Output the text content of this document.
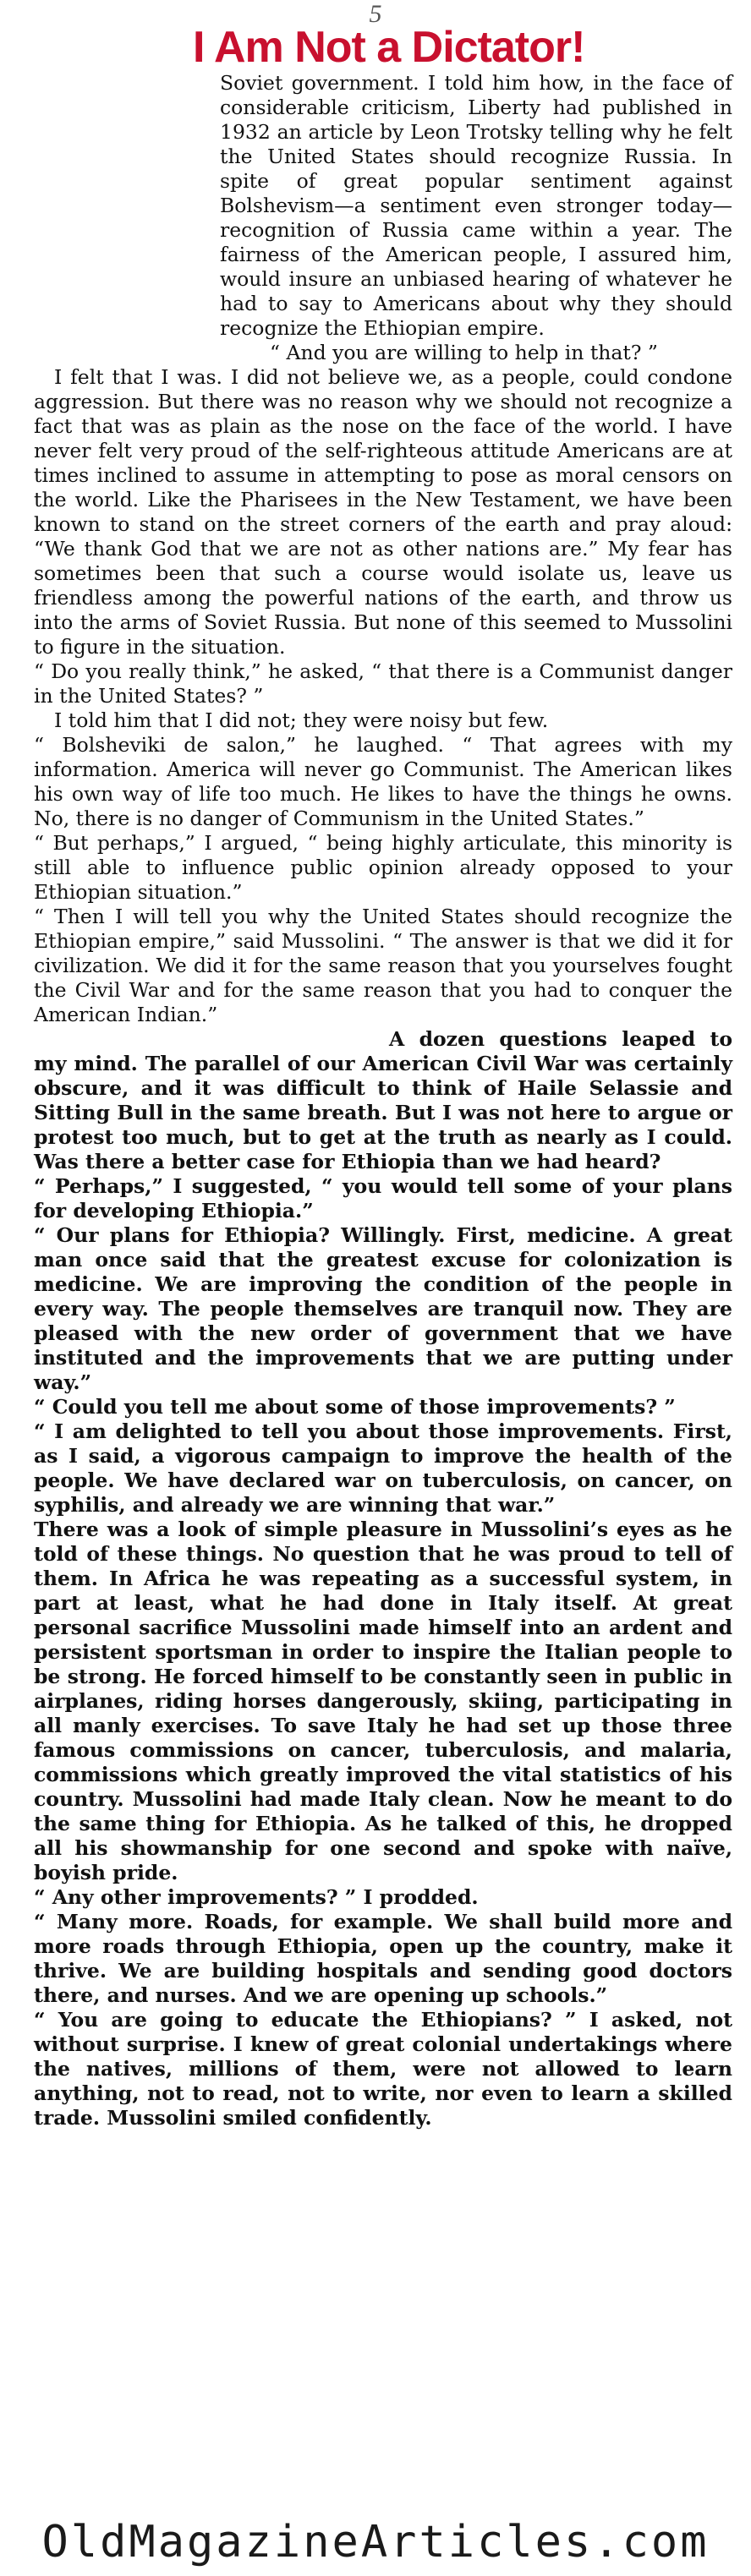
5
I Am Not a Dictator!

Soviet government. I told him how, in the face of considerable criticism, Liberty had published in 1932 an article by Leon Trotsky telling why he felt the United States should recognize Russia. In spite of great popular sentiment against Bolshevism—a sentiment even stronger today—recognition of Russia came within a year. The fairness of the American people, I assured him, would insure an unbiased hearing of whatever he had to say to Americans about why they should recognize the Ethiopian empire.

“ And you are willing to help in that? ”

I felt that I was. I did not believe we, as a people, could condone aggression. But there was no reason why we should not recognize a fact that was as plain as the nose on the face of the world. I have never felt very proud of the self-righteous attitude Americans are at times inclined to assume in attempting to pose as moral censors on the world. Like the Pharisees in the New Testament, we have been known to stand on the street corners of the earth and pray aloud: “We thank God that we are not as other nations are.” My fear has sometimes been that such a course would isolate us, leave us friendless among the powerful nations of the earth, and throw us into the arms of Soviet Russia. But none of this seemed to Mussolini to figure in the situation.

“ Do you really think,” he asked, “ that there is a Communist danger in the United States? ”

I told him that I did not; they were noisy but few.

“ Bolsheviki de salon,” he laughed. “ That agrees with my information. America will never go Communist. The American likes his own way of life too much. He likes to have the things he owns. No, there is no danger of Communism in the United States.”

“ But perhaps,” I argued, “ being highly articulate, this minority is still able to influence public opinion already opposed to your Ethiopian situation.”

“ Then I will tell you why the United States should recognize the Ethiopian empire,” said Mussolini. “ The answer is that we did it for civilization. We did it for the same reason that you yourselves fought the Civil War and for the same reason that you had to conquer the American Indian.”

A dozen questions leaped to my mind. The parallel of our American Civil War was certainly obscure, and it was difficult to think of Haile Selassie and Sitting Bull in the same breath. But I was not here to argue or protest too much, but to get at the truth as nearly as I could. Was there a better case for Ethiopia than we had heard?

“ Perhaps,” I suggested, “ you would tell some of your plans for developing Ethiopia.”

“ Our plans for Ethiopia? Willingly. First, medicine. A great man once said that the greatest excuse for colonization is medicine. We are improving the condition of the people in every way. The people themselves are tranquil now. They are pleased with the new order of government that we have instituted and the improvements that we are putting under way.”

“ Could you tell me about some of those improvements? ”

“ I am delighted to tell you about those improvements. First, as I said, a vigorous campaign to improve the health of the people. We have declared war on tuberculosis, on cancer, on syphilis, and already we are winning that war.”

There was a look of simple pleasure in Mussolini’s eyes as he told of these things. No question that he was proud to tell of them. In Africa he was repeating as a successful system, in part at least, what he had done in Italy itself. At great personal sacrifice Mussolini made himself into an ardent and persistent sportsman in order to inspire the Italian people to be strong. He forced himself to be constantly seen in public in airplanes, riding horses dangerously, skiing, participating in all manly exercises. To save Italy he had set up those three famous commissions on cancer, tuberculosis, and malaria, commissions which greatly improved the vital statistics of his country. Mussolini had made Italy clean. Now he meant to do the same thing for Ethiopia. As he talked of this, he dropped all his showmanship for one second and spoke with naïve, boyish pride.

“ Any other improvements? ” I prodded.

“ Many more. Roads, for example. We shall build more and more roads through Ethiopia, open up the country, make it thrive. We are building hospitals and sending good doctors there, and nurses. And we are opening up schools.”

“ You are going to educate the Ethiopians? ” I asked, not without surprise. I knew of great colonial undertakings where the natives, millions of them, were not allowed to learn anything, not to read, not to write, nor even to learn a skilled trade. Mussolini smiled confidently.

OldMagazineArticles.com
